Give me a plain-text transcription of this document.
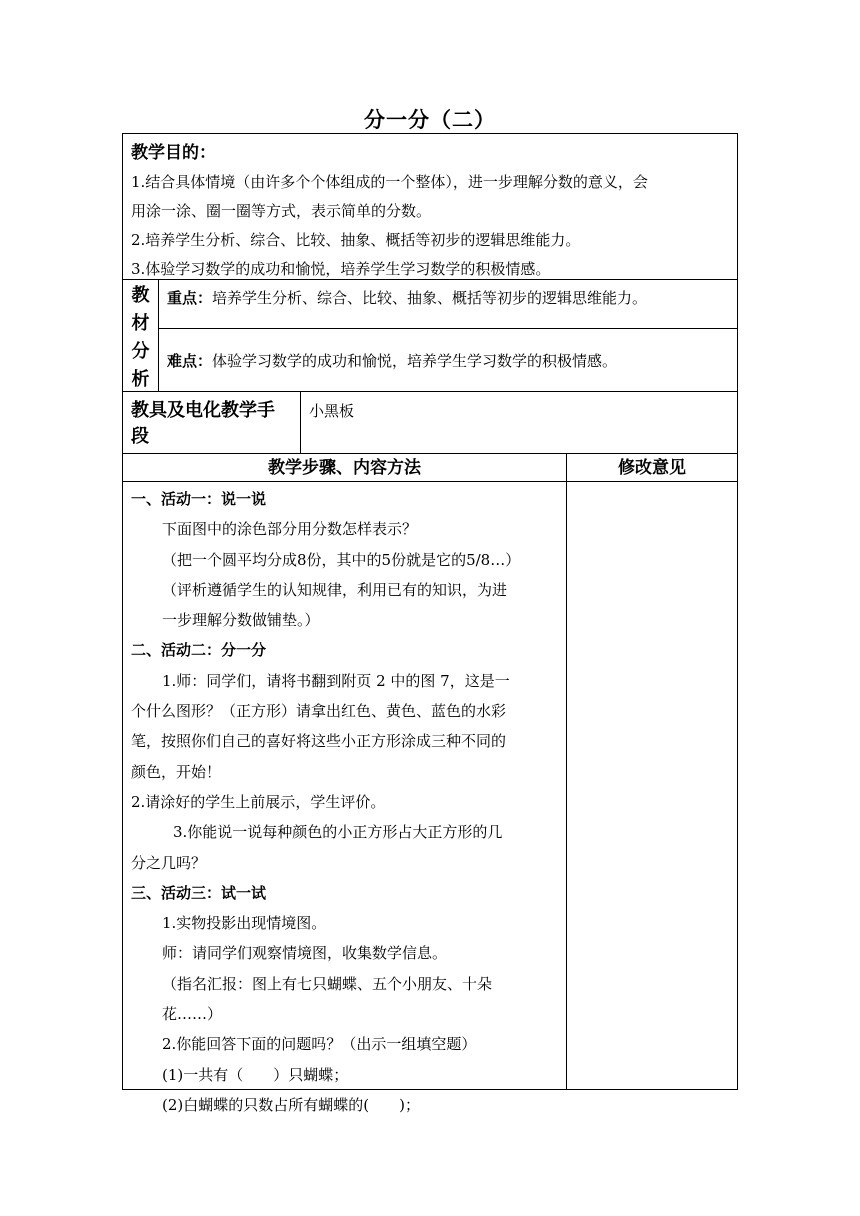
分一分（二）
教学目的：
1.结合具体情境（由许多个个体组成的一个整体），进一步理解分数的意义，会
用涂一涂、圈一圈等方式，表示简单的分数。
2.培养学生分析、综合、比较、抽象、概括等初步的逻辑思维能力。
3.体验学习数学的成功和愉悦，培养学生学习数学的积极情感。
教
材
分
析
重点：培养学生分析、综合、比较、抽象、概括等初步的逻辑思维能力。
难点：体验学习数学的成功和愉悦，培养学生学习数学的积极情感。
教具及电化教学手段
小黑板
教学步骤、内容方法	修改意见
一、活动一：说一说
下面图中的涂色部分用分数怎样表示？
（把一个圆平均分成8份，其中的5份就是它的5/8…）
（评析遵循学生的认知规律，利用已有的知识，为进
一步理解分数做铺垫。）
二、活动二：分一分
1.师：同学们，请将书翻到附页 2 中的图 7，这是一
个什么图形？（正方形）请拿出红色、黄色、蓝色的水彩
笔，按照你们自己的喜好将这些小正方形涂成三种不同的
颜色，开始！
2.请涂好的学生上前展示，学生评价。
3.你能说一说每种颜色的小正方形占大正方形的几
分之几吗？
三、活动三：试一试
1.实物投影出现情境图。
师：请同学们观察情境图，收集数学信息。
（指名汇报：图上有七只蝴蝶、五个小朋友、十朵
花……）
2.你能回答下面的问题吗？（出示一组填空题）
(1)一共有（　　）只蝴蝶；
(2)白蝴蝶的只数占所有蝴蝶的(　　)；
